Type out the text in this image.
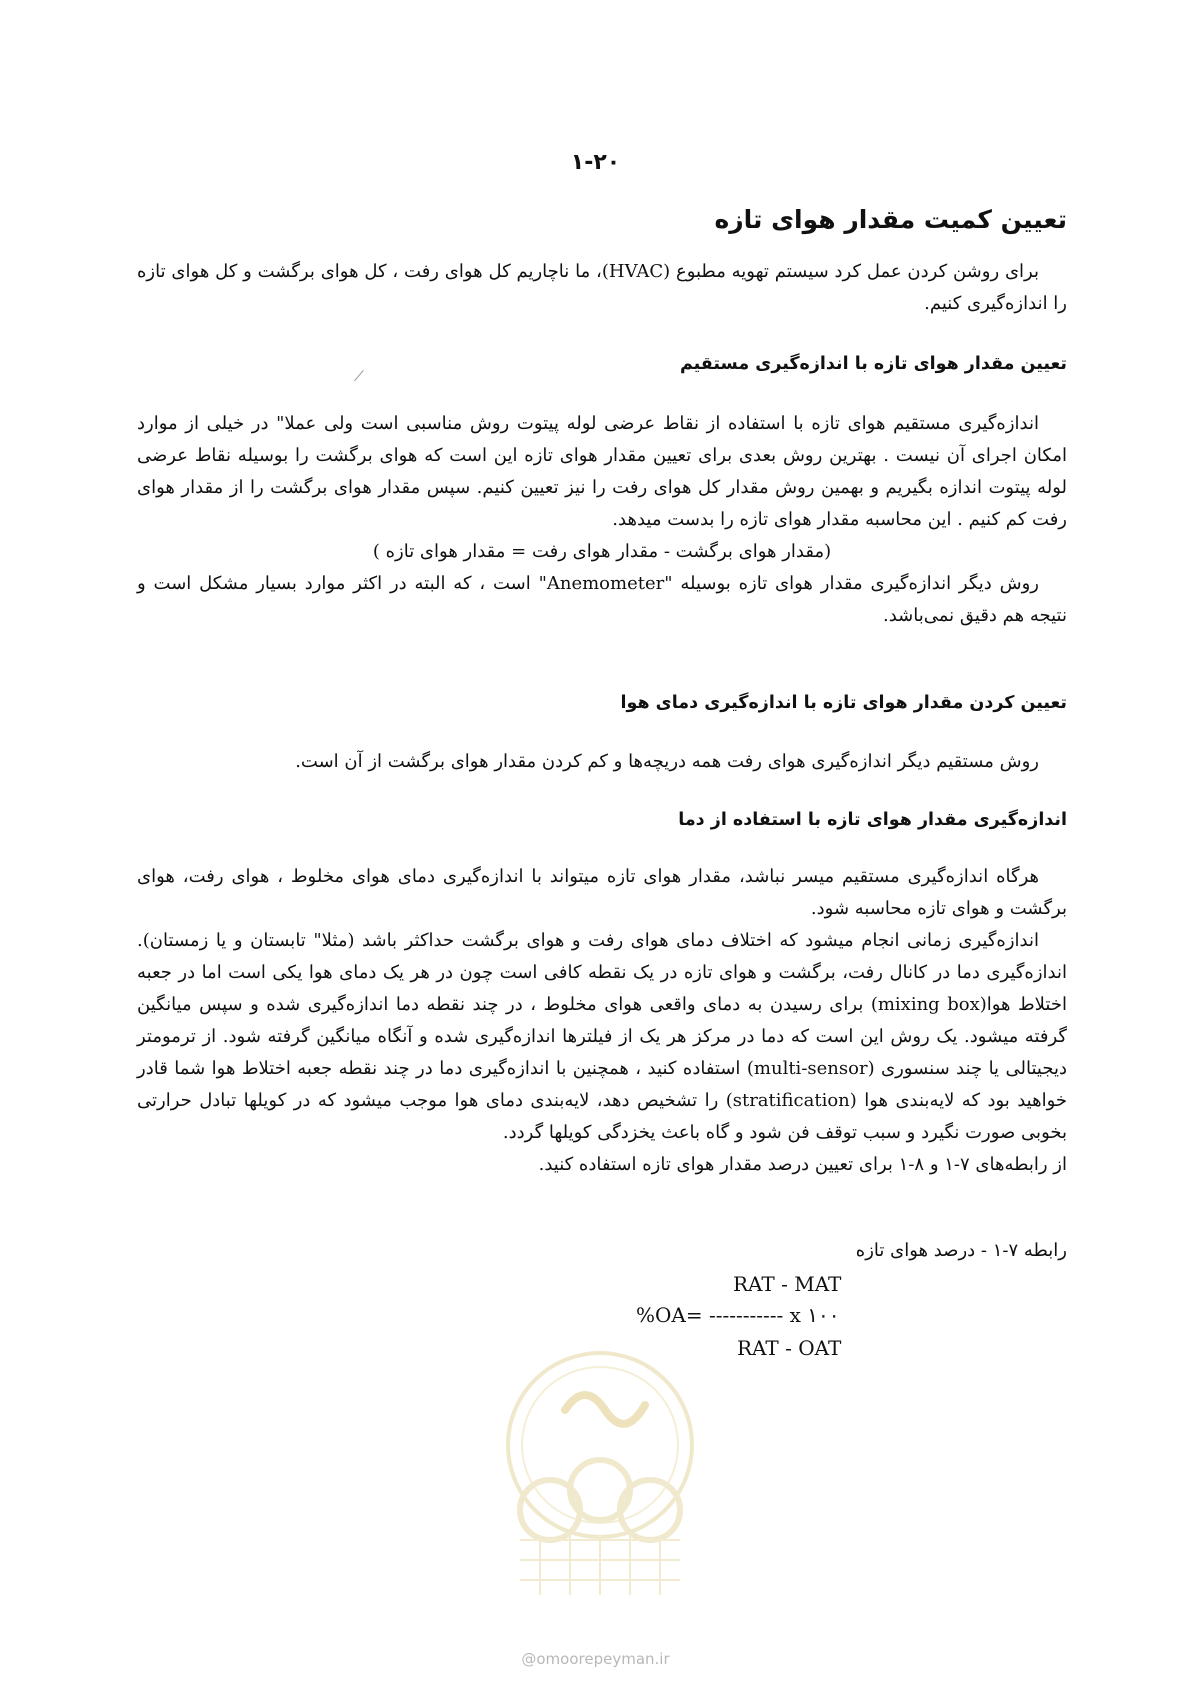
۱-۲۰
تعیین کمیت مقدار هوای تازه

برای روشن کردن عمل کرد سیستم تهویه مطبوع (HVAC)، ما ناچاریم کل هوای رفت ، کل هوای برگشت و کل هوای تازه را اندازه‌گیری کنیم.

تعیین مقدار هوای تازه با اندازه‌گیری مستقیم

اندازه‌گیری مستقیم هوای تازه با استفاده از نقاط عرضی لوله پیتوت روش مناسبی است ولی عملا" در خیلی از موارد امکان اجرای آن نیست . بهترین روش بعدی برای تعیین مقدار هوای تازه این است که هوای برگشت را بوسیله نقاط عرضی لوله پیتوت اندازه بگیریم و بهمین روش مقدار کل هوای رفت را نیز تعیین کنیم. سپس مقدار هوای برگشت را از مقدار هوای رفت کم کنیم . این محاسبه مقدار هوای تازه را بدست میدهد.

(مقدار هوای برگشت - مقدار هوای رفت = مقدار هوای تازه )

روش دیگر اندازه‌گیری مقدار هوای تازه بوسیله "Anemometer" است ، که البته در اکثر موارد بسیار مشکل است و نتیجه هم دقیق نمی‌باشد.

تعیین کردن مقدار هوای تازه با اندازه‌گیری دمای هوا

روش مستقیم دیگر اندازه‌گیری هوای رفت همه دریچه‌ها و کم کردن مقدار هوای برگشت از آن است.

اندازه‌گیری مقدار هوای تازه با استفاده از دما

هرگاه اندازه‌گیری مستقیم میسر نباشد، مقدار هوای تازه میتواند با اندازه‌گیری دمای هوای مخلوط ، هوای رفت، هوای برگشت و هوای تازه محاسبه شود.

اندازه‌گیری زمانی انجام میشود که اختلاف دمای هوای رفت و هوای برگشت حداکثر باشد (مثلا" تابستان و یا زمستان). اندازه‌گیری دما در کانال رفت، برگشت و هوای تازه در یک نقطه کافی است چون در هر یک دمای هوا یکی است اما در جعبه اختلاط هوا(mixing box) برای رسیدن به دمای واقعی هوای مخلوط ، در چند نقطه دما اندازه‌گیری شده و سپس میانگین گرفته میشود. یک روش این است که دما در مرکز هر یک از فیلترها اندازه‌گیری شده و آنگاه میانگین گرفته شود. از ترمومتر دیجیتالی یا چند سنسوری (multi-sensor) استفاده کنید ، همچنین با اندازه‌گیری دما در چند نقطه جعبه اختلاط هوا شما قادر خواهید بود که لایه‌بندی هوا (stratification) را تشخیص دهد، لایه‌بندی دمای هوا موجب میشود که در کویلها تبادل حرارتی بخوبی صورت نگیرد و سبب توقف فن شود و گاه باعث یخزدگی کویلها گردد.

از رابطه‌های ۷-۱ و ۸-۱ برای تعیین درصد مقدار هوای تازه استفاده کنید.

رابطه ۷-۱ - درصد هوای تازه
RAT - MAT
%OA= ----------- x ۱۰۰
RAT - OAT
@omoorepeyman.ir
